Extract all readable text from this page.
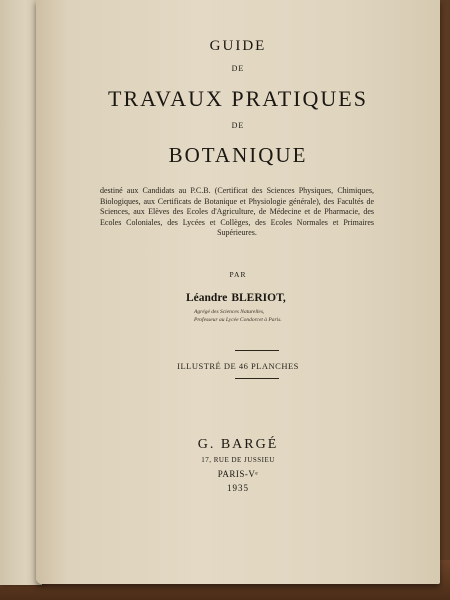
GUIDE
DE
TRAVAUX PRATIQUES
DE
BOTANIQUE
destiné aux Candidats au P.C.B. (Certificat des Sciences Physiques, Chimiques, Biologiques, aux Certificats de Botanique et Physiologie générale), des Facultés de Sciences, aux Elèves des Ecoles d'Agriculture, de Médecine et de Pharmacie, des Ecoles Coloniales, des Lycées et Collèges, des Ecoles Normales et Primaires Supérieures.
PAR
Léandre BLERIOT,
Agrégé des Sciences Naturelles,
Professeur au Lycée Condorcet à Paris.
ILLUSTRÉ DE 46 PLANCHES
G. BARGÉ
17, RUE DE JUSSIEU
PARIS-Vᵉ
1935
